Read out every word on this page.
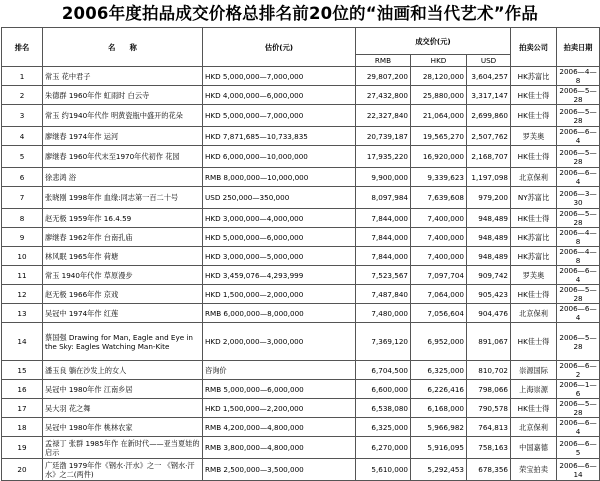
2006年度拍品成交价格总排名前20位的“油画和当代艺术”作品
排名	名　　称	估价(元)	成交价(元)			拍卖公司	拍卖日期
			RMB	HKD	USD		
1	常玉 花中君子	HKD 5,000,000—7,000,000	29,807,200	28,120,000	3,604,257	HK苏富比	2006—4—8
2	朱德群 1960年作 虹雨时 白云寺	HKD 4,000,000—6,000,000	27,432,800	25,880,000	3,317,147	HK佳士得	2006—5—28
3	常玉 约1940年代作 明黄瓷瓶中盛开的花朵	HKD 5,000,000—7,000,000	22,327,840	21,064,000	2,699,860	HK佳士得	2006—5—28
4	廖继春 1974年作 运河	HKD 7,871,685—10,733,835	20,739,187	19,565,270	2,507,762	罗芙奥	2006—6—4
5	廖继春 1960年代末至1970年代初作 花园	HKD 6,000,000—10,000,000	17,935,220	16,920,000	2,168,707	HK佳士得	2006—5—28
6	徐悲鸿 浴	RMB 8,000,000—10,000,000	9,900,000	9,339,623	1,197,098	北京保利	2006—6—4
7	张晓刚 1998年作 血缘:同志第一百二十号	USD 250,000—350,000	8,097,984	7,639,608	979,200	NY苏富比	2006—3—30
8	赵无极 1959年作 16.4.59	HKD 3,000,000—4,000,000	7,844,000	7,400,000	948,489	HK佳士得	2006—5—28
9	廖继春 1962年作 台南孔庙	HKD 5,000,000—6,000,000	7,844,000	7,400,000	948,489	HK苏富比	2006—4—8
10	林风眠 1965年作 荷塘	HKD 3,000,000—5,000,000	7,844,000	7,400,000	948,489	HK苏富比	2006—4—8
11	常玉 1940年代作 草原漫步	HKD 3,459,076—4,293,999	7,523,567	7,097,704	909,742	罗芙奥	2006—6—4
12	赵无极 1966年作 京戏	HKD 1,500,000—2,000,000	7,487,840	7,064,000	905,423	HK佳士得	2006—5—28
13	吴冠中 1974年作 红莲	RMB 6,000,000—8,000,000	7,480,000	7,056,604	904,476	北京保利	2006—6—4
14	蔡国强 Drawing for Man, Eagle and Eye in the Sky: Eagles Watching Man-Kite	HKD 2,000,000—3,000,000	7,369,120	6,952,000	891,067	HK佳士得	2006—5—28
15	潘玉良 躺在沙发上的女人	咨询价	6,704,500	6,325,000	810,702	崇源国际	2006—6—2
16	吴冠中 1980年作 江南乡居	RMB 5,000,000—6,000,000	6,600,000	6,226,416	798,066	上海崇源	2006—1—6
17	吴大羽 花之舞	HKD 1,500,000—2,200,000	6,538,080	6,168,000	790,578	HK佳士得	2006—5—28
18	吴冠中 1980年作 桃林农家	RMB 4,200,000—4,800,000	6,325,000	5,966,982	764,813	北京保利	2006—6—4
19	孟禄丁 张群 1985年作 在新时代——亚当夏娃的启示	RMB 3,800,000—4,800,000	6,270,000	5,916,095	758,163	中国嘉德	2006—6—5
20	广廷渤 1979年作《钢水·汗水》之一 《钢水·汗水》之二(两件)	RMB 2,500,000—3,500,000	5,610,000	5,292,453	678,356	荣宝拍卖	2006—6—14
